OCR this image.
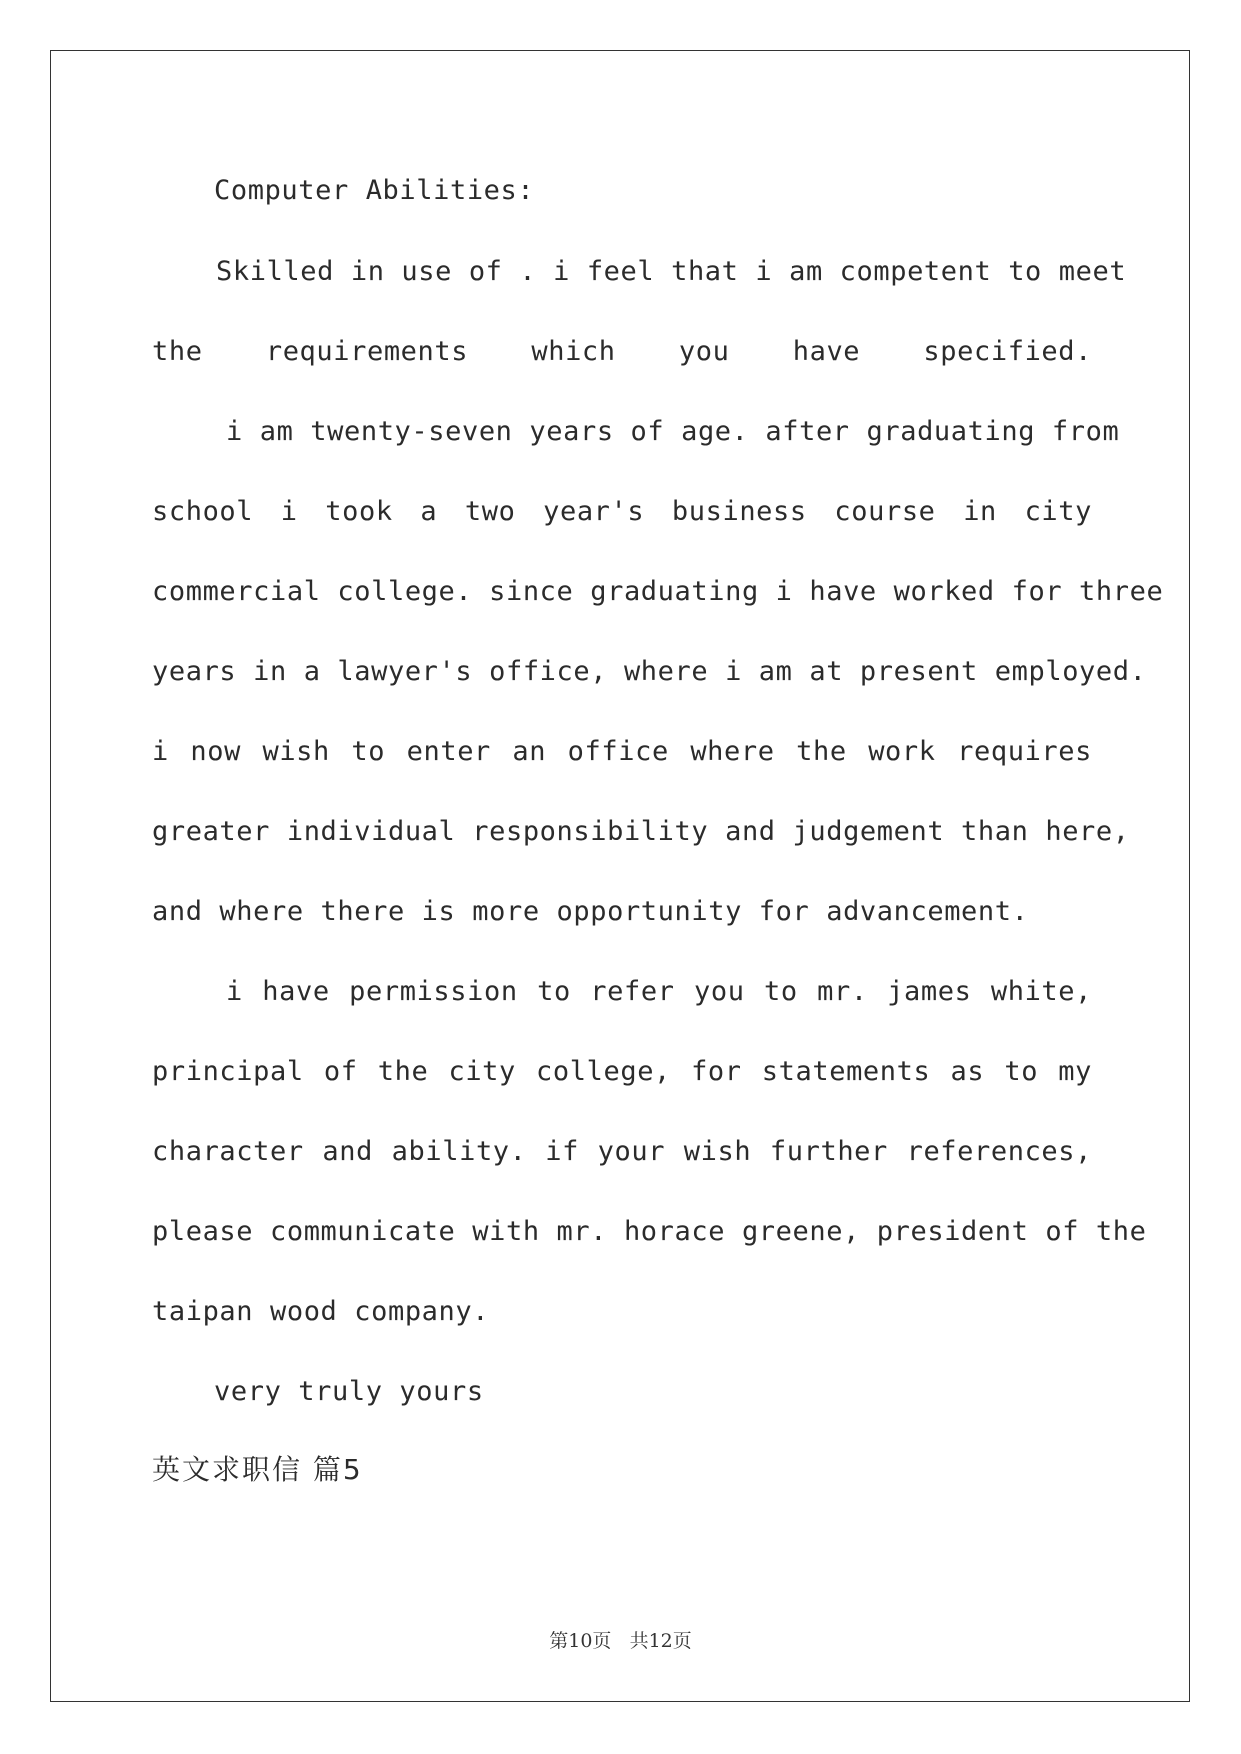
Computer Abilities:
Skilled in use of . i feel that i am competent to meet
the requirements which you have specified.
i am twenty-seven years of age. after graduating from
school i took a two year's business course in city
commercial college. since graduating i have worked for three
years in a lawyer's office, where i am at present employed.
i now wish to enter an office where the work requires
greater individual responsibility and judgement than here,
and where there is more opportunity for advancement.
i have permission to refer you to mr. james white,
principal of the city college, for statements as to my
character and ability. if your wish further references,
please communicate with mr. horace greene, president of the
taipan wood company.
very truly yours
英文求职信 篇5
第10页 共12页
